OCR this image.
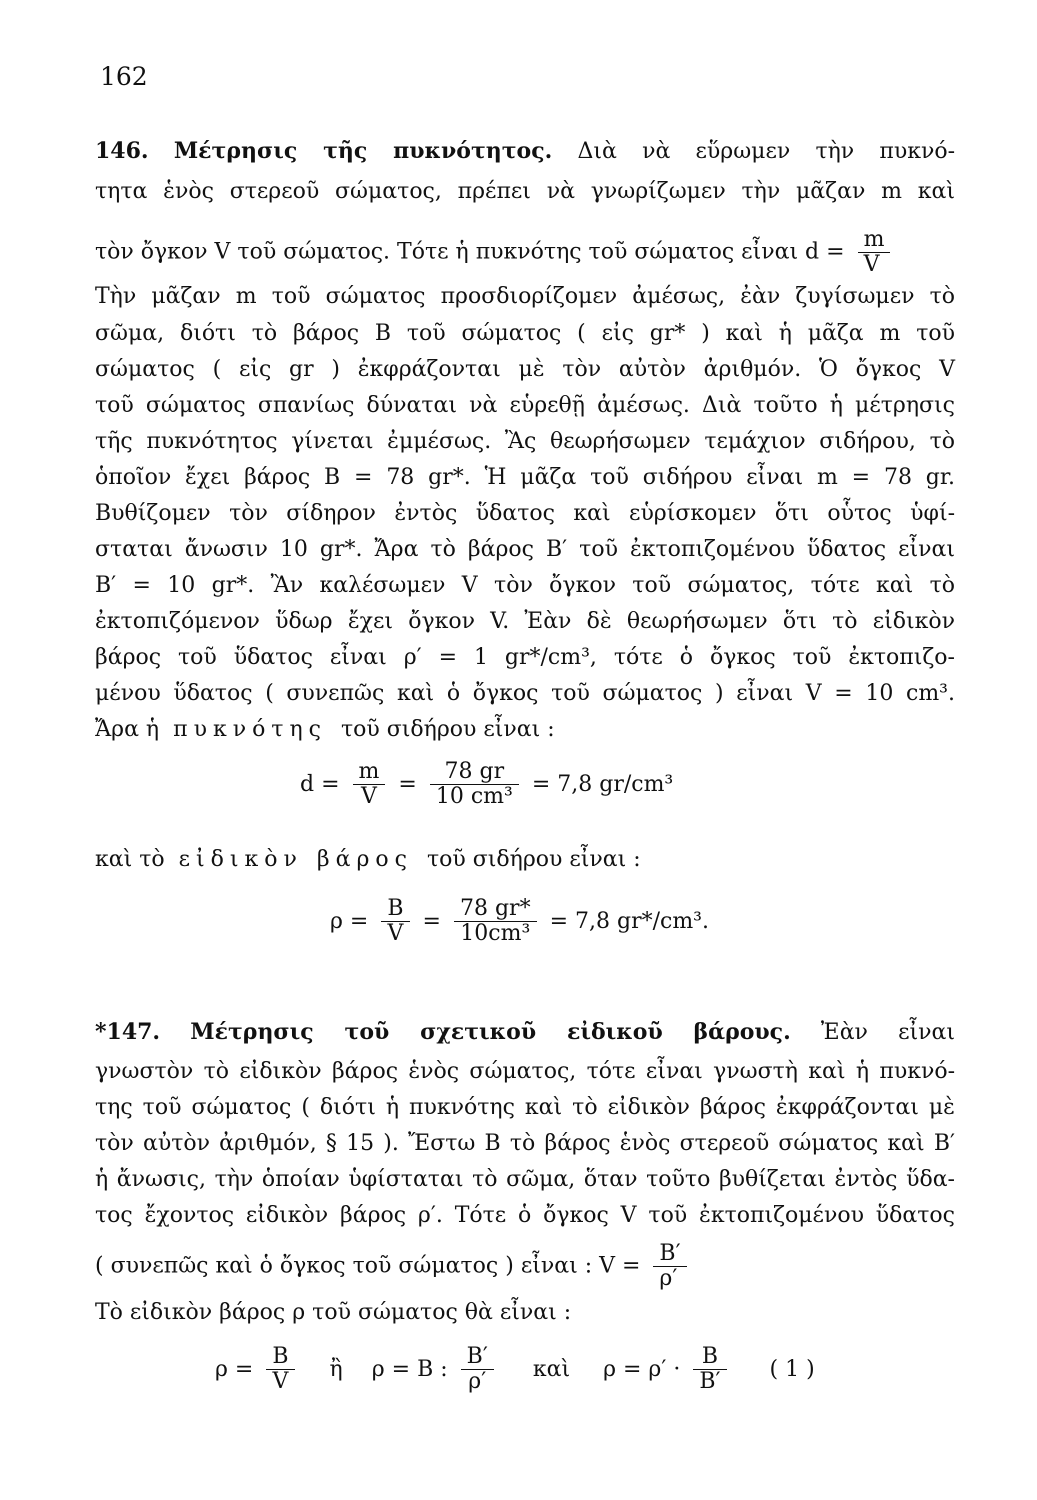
162
146. Μέτρησις τῆς πυκνότητος. Διὰ νὰ εὕρωμεν τὴν πυκνό-
τητα ἑνὸς στερεοῦ σώματος, πρέπει νὰ γνωρίζωμεν τὴν μᾶζαν m καὶ
τὸν ὄγκον V τοῦ σώματος. Τότε ἡ πυκνότης τοῦ σώματος εἶναι $d = \frac{m}{V}$
Τὴν μᾶζαν m τοῦ σώματος προσδιορίζομεν ἀμέσως, ἐὰν ζυγίσωμεν τὸ
σῶμα, διότι τὸ βάρος B τοῦ σώματος ( εἰς gr* ) καὶ ἡ μᾶζα m τοῦ
σώματος ( εἰς gr ) ἐκφράζονται μὲ τὸν αὐτὸν ἀριθμόν. Ὁ ὄγκος V
τοῦ σώματος σπανίως δύναται νὰ εὑρεθῇ ἀμέσως. Διὰ τοῦτο ἡ μέτρησις
τῆς πυκνότητος γίνεται ἐμμέσως. Ἂς θεωρήσωμεν τεμάχιον σιδήρου, τὸ
ὁποῖον ἔχει βάρος B = 78 gr*. Ἡ μᾶζα τοῦ σιδήρου εἶναι m = 78 gr.
Βυθίζομεν τὸν σίδηρον ἐντὸς ὕδατος καὶ εὑρίσκομεν ὅτι οὗτος ὑφί-
σταται ἄνωσιν 10 gr*. Ἄρα τὸ βάρος B′ τοῦ ἐκτοπιζομένου ὕδατος εἶναι
B′ = 10 gr*. Ἂν καλέσωμεν V τὸν ὄγκον τοῦ σώματος, τότε καὶ τὸ
ἐκτοπιζόμενον ὕδωρ ἔχει ὄγκον V. Ἐὰν δὲ θεωρήσωμεν ὅτι τὸ εἰδικὸν
βάρος τοῦ ὕδατος εἶναι ρ′ = 1 gr*/cm³, τότε ὁ ὄγκος τοῦ ἐκτοπιζο-
μένου ὕδατος ( συνεπῶς καὶ ὁ ὄγκος τοῦ σώματος ) εἶναι V = 10 cm³.
Ἄρα ἡ πυκνότης τοῦ σιδήρου εἶναι :
$d = \frac{m}{V} = \frac{78 gr}{\text{10 cm³}} = 7,8$ gr/cm³
καὶ τὸ εἰδικὸν βάρος τοῦ σιδήρου εἶναι :
$\rho = \frac{B}{V} = \frac{78 gr*}{\text{10cm³}} = 7,8$ gr*/cm³.
*147. Μέτρησις τοῦ σχετικοῦ εἰδικοῦ βάρους. Ἐὰν εἶναι
γνωστὸν τὸ εἰδικὸν βάρος ἑνὸς σώματος, τότε εἶναι γνωστὴ καὶ ἡ πυκνό-
της τοῦ σώματος ( διότι ἡ πυκνότης καὶ τὸ εἰδικὸν βάρος ἐκφράζονται μὲ
τὸν αὐτὸν ἀριθμόν, § 15 ). Ἔστω B τὸ βάρος ἑνὸς στερεοῦ σώματος καὶ B′
ἡ ἄνωσις, τὴν ὁποίαν ὑφίσταται τὸ σῶμα, ὅταν τοῦτο βυθίζεται ἐντὸς ὕδα-
τος ἔχοντος εἰδικὸν βάρος ρ′. Τότε ὁ ὄγκος V τοῦ ἐκτοπιζομένου ὕδατος
( συνεπῶς καὶ ὁ ὄγκος τοῦ σώματος ) εἶναι : $V = \frac{B'}{\rho'}$
Τὸ εἰδικὸν βάρος ρ τοῦ σώματος θὰ εἶναι :
$\rho = \frac{B}{V}$ ἢ ρ = B : $\frac{B'}{\rho'}$ καὶ $\rho = \rho' \cdot \frac{B}{B'}$ ( 1 )
